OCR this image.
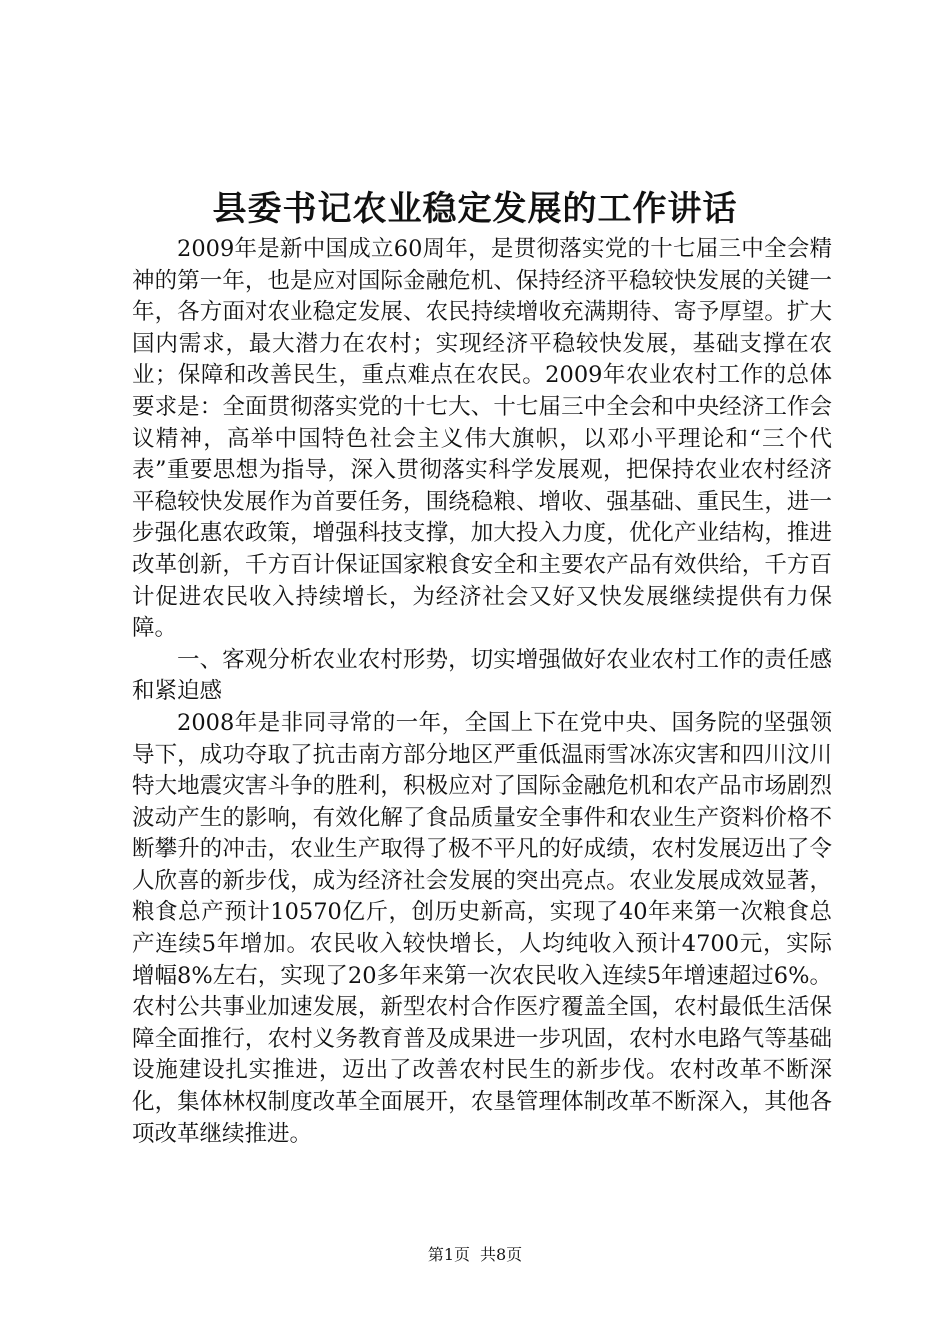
县委书记农业稳定发展的工作讲话

2009年是新中国成立60周年，是贯彻落实党的十七届三中全会精神的第一年，也是应对国际金融危机、保持经济平稳较快发展的关键一年，各方面对农业稳定发展、农民持续增收充满期待、寄予厚望。扩大国内需求，最大潜力在农村；实现经济平稳较快发展，基础支撑在农业；保障和改善民生，重点难点在农民。2009年农业农村工作的总体要求是：全面贯彻落实党的十七大、十七届三中全会和中央经济工作会议精神，高举中国特色社会主义伟大旗帜，以邓小平理论和“三个代表”重要思想为指导，深入贯彻落实科学发展观，把保持农业农村经济平稳较快发展作为首要任务，围绕稳粮、增收、强基础、重民生，进一步强化惠农政策，增强科技支撑，加大投入力度，优化产业结构，推进改革创新，千方百计保证国家粮食安全和主要农产品有效供给，千方百计促进农民收入持续增长，为经济社会又好又快发展继续提供有力保障。

一、客观分析农业农村形势，切实增强做好农业农村工作的责任感和紧迫感

2008年是非同寻常的一年，全国上下在党中央、国务院的坚强领导下，成功夺取了抗击南方部分地区严重低温雨雪冰冻灾害和四川汶川特大地震灾害斗争的胜利，积极应对了国际金融危机和农产品市场剧烈波动产生的影响，有效化解了食品质量安全事件和农业生产资料价格不断攀升的冲击，农业生产取得了极不平凡的好成绩，农村发展迈出了令人欣喜的新步伐，成为经济社会发展的突出亮点。农业发展成效显著，粮食总产预计10570亿斤，创历史新高，实现了40年来第一次粮食总产连续5年增加。农民收入较快增长，人均纯收入预计4700元，实际增幅8%左右，实现了20多年来第一次农民收入连续5年增速超过6%。农村公共事业加速发展，新型农村合作医疗覆盖全国，农村最低生活保障全面推行，农村义务教育普及成果进一步巩固，农村水电路气等基础设施建设扎实推进，迈出了改善农村民生的新步伐。农村改革不断深化，集体林权制度改革全面展开，农垦管理体制改革不断深入，其他各项改革继续推进。

第1页 共8页
